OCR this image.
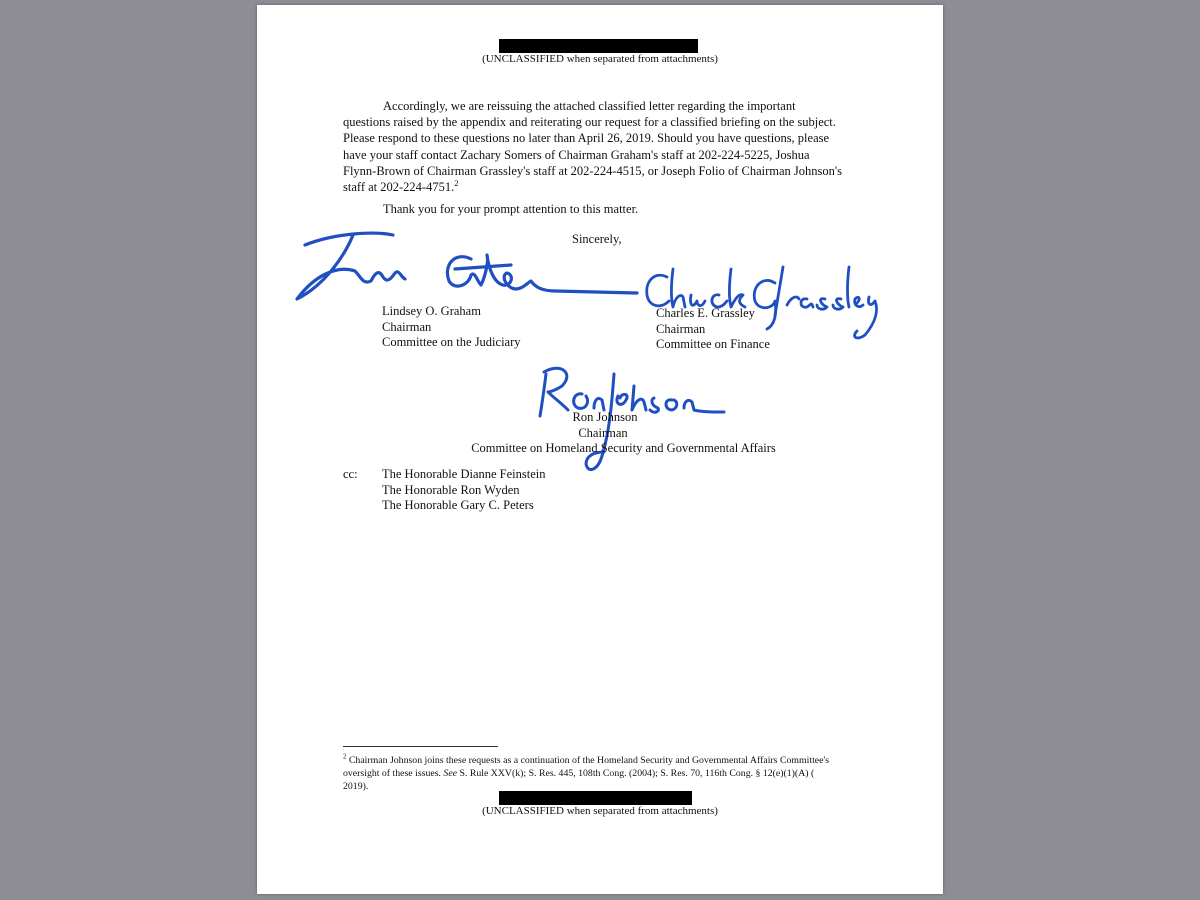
(UNCLASSIFIED when separated from attachments)
Accordingly, we are reissuing the attached classified letter regarding the important questions raised by the appendix and reiterating our request for a classified briefing on the subject. Please respond to these questions no later than April 26, 2019. Should you have questions, please have your staff contact Zachary Somers of Chairman Graham's staff at 202-224-5225, Joshua Flynn-Brown of Chairman Grassley's staff at 202-224-4515, or Joseph Folio of Chairman Johnson's staff at 202-224-4751.$^2$
Thank you for your prompt attention to this matter.
Sincerely,
Lindsey O. Graham
Chairman
Committee on the Judiciary
Charles E. Grassley
Chairman
Committee on Finance
Ron Johnson
Chairman
Committee on Homeland Security and Governmental Affairs
cc: The Honorable Dianne Feinstein
The Honorable Ron Wyden
The Honorable Gary C. Peters
$^2$ Chairman Johnson joins these requests as a continuation of the Homeland Security and Governmental Affairs Committee's oversight of these issues. See S. Rule XXV(k); S. Res. 445, 108th Cong. (2004); S. Res. 70, 116th Cong. § 12(e)(1)(A) ( 2019).
(UNCLASSIFIED when separated from attachments)
